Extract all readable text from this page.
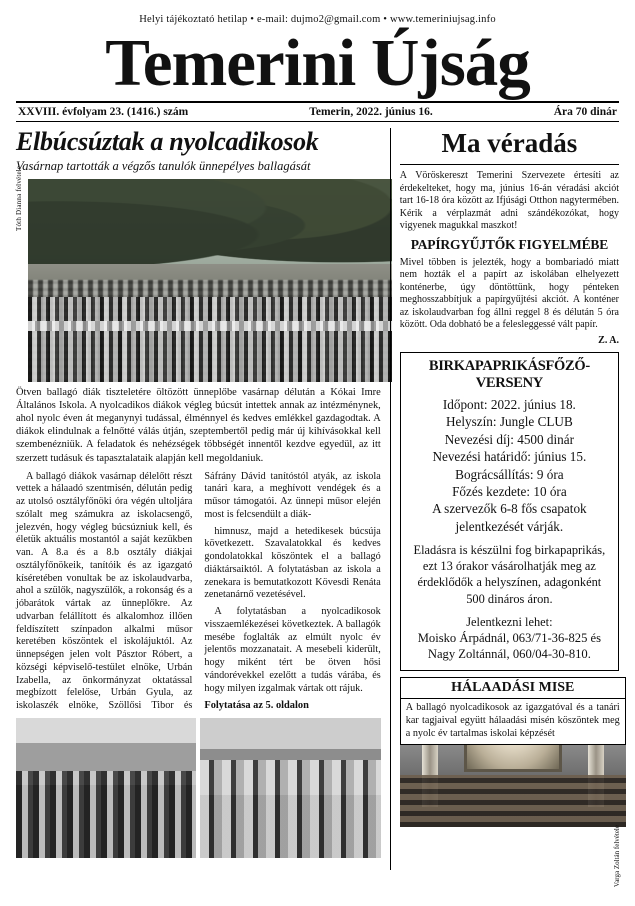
Helyi tájékoztató hetilap • e-mail: dujmo2@gmail.com • www.temeriniujsag.info
Temerini Újság
XXVIII. évfolyam 23. (1416.) szám	Temerin, 2022. június 16.	Ára 70 dinár
Elbúcsúztak a nyolcadikosok
Vasárnap tartották a végzős tanulók ünnepélyes ballagását
Tóth Dianna felvétele
Ötven ballagó diák tiszteletére öltözött ünneplőbe vasárnap délután a Kókai Imre Általános Iskola. A nyolcadikos diákok végleg búcsút intettek annak az intézménynek, ahol nyolc éven át meganynyi tudással, élménnyel és kedves emlékkel gazdagodtak. A diákok elindulnak a felnőtté válás útján, szeptembertől pedig már új kihívásokkal kell szembenézniük. A feladatok és nehézségek többségét innentől kezdve egyedül, az itt szerzett tudásuk és tapasztalataik alapján kell megoldaniuk.

A ballagó diákok vasárnap délelőtt részt vettek a hálaadó szentmisén, délután pedig az utolsó osztályfőnöki óra végén ultoljára szólalt meg számukra az iskolacsengő, jelezvén, hogy végleg búcsúzniuk kell, és életük aktuális mostantól a saját kezükben van. A 8.a és a 8.b osztály diákjai osztályfőnökeik, tanítóik és az igazgató kíséretében vonultak be az iskolaudvarba, ahol a szülők, nagyszülők, a rokonság és a jóbarátok vártak az ünneplőkre. Az udvarban felállított és alkalomhoz illően feldíszített színpadon alkalmi műsor keretében köszöntek el iskolájuktól. Az ünnepségen jelen volt Pásztor Róbert, a községi képviselő-testület elnöke, Urbán Izabella, az önkormányzat oktatással megbízott felelőse, Urbán Gyula, az iskolaszék elnöke, Szöllősi Tibor és Sáfrány Dávid tanítóstól atyák, az iskola tanári kara, a meghívott vendégek és a műsor támogatói. Az ünnepi műsor elején most is felcsendült a diák-

himnusz, majd a hetedikesek búcsúja következett. Szavalatokkal és kedves gondolatokkal köszöntek el a ballagó diáktársaiktól. A folytatásban az iskola a zenekara is bemutatkozott Kövesdi Renáta zenetanárnő vezetésével.

A folytatásban a nyolcadikosok visszaemlékezései következtek. A ballagók mesébe foglalták az elmúlt nyolc év jelentős mozzanatait. A mesebeli kiderült, hogy miként tért be ötven hősi vándorévekkel ezelőtt a tudás várába, és hogy milyen izgalmak vártak ott rájuk.

Folytatása az 5. oldalon
Ma véradás
A Vöröskereszt Temerini Szervezete értesíti az érdekelteket, hogy ma, június 16-án véradási akciót tart 16-18 óra között az Ifjúsági Otthon nagytermében. Kérik a vérplazmát adni szándékozókat, hogy vigyenek magukkal maszkot!
PAPÍRGYŰJTŐK FIGYELMÉBE
Mivel többen is jelezték, hogy a bombariadó miatt nem hozták el a papírt az iskolában elhelyezett konténerbe, úgy döntöttünk, hogy pénteken meghosszabbítjuk a papírgyűjtési akciót. A konténer az iskolaudvarban fog állni reggel 8 és délután 5 óra között. Oda dobható be a felesleggessé vált papír.
Z. A.
BIRKAPAPRIKÁSFŐZŐ-VERSENY
Időpont: 2022. június 18.
Helyszín: Jungle CLUB
Nevezési díj: 4500 dinár
Nevezési határidő: június 15.
Bográcsállítás: 9 óra
Főzés kezdete: 10 óra
A szervezők 6-8 fős csapatok jelentkezését várják.
Eladásra is készülni fog birkapaprikás, ezt 13 órakor vásárolhatják meg az érdeklődők a helyszínen, adagonként 500 dináros áron.
Jelentkezni lehet:
Moisko Árpádnál, 063/71-36-825 és Nagy Zoltánnál, 060/04-30-810.
Varga Zoltán felvétele
HÁLAADÁSI MISE
A ballagó nyolcadikosok az igazgatóval és a tanári kar tagjaival együtt hálaadási misén köszöntek meg a nyolc év tartalmas iskolai képzését
